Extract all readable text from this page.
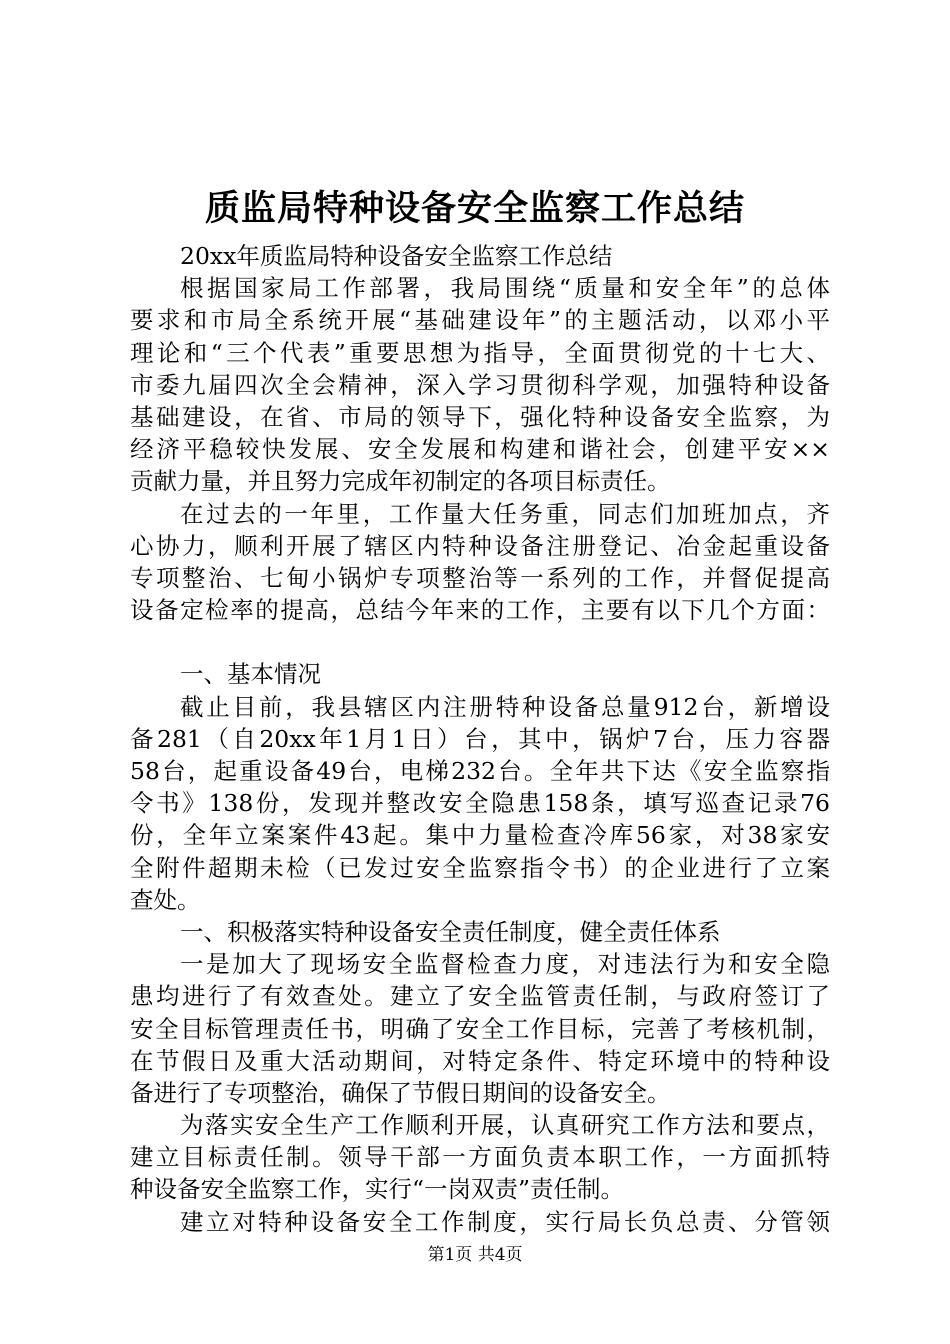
质监局特种设备安全监察工作总结
20xx年质监局特种设备安全监察工作总结
根据国家局工作部署，我局围绕“质量和安全年”的总体
要求和市局全系统开展“基础建设年”的主题活动，以邓小平
理论和“三个代表”重要思想为指导，全面贯彻党的十七大、
市委九届四次全会精神，深入学习贯彻科学观，加强特种设备
基础建设，在省、市局的领导下，强化特种设备安全监察，为
经济平稳较快发展、安全发展和构建和谐社会，创建平安××
贡献力量，并且努力完成年初制定的各项目标责任。
在过去的一年里，工作量大任务重，同志们加班加点，齐
心协力，顺利开展了辖区内特种设备注册登记、冶金起重设备
专项整治、七甸小锅炉专项整治等一系列的工作，并督促提高
设备定检率的提高，总结今年来的工作，主要有以下几个方面：
一、基本情况
截止目前，我县辖区内注册特种设备总量912台，新增设
备281（自20xx年1月1日）台，其中，锅炉7台，压力容器
58台，起重设备49台，电梯232台。全年共下达《安全监察指
令书》138份，发现并整改安全隐患158条，填写巡查记录76
份，全年立案案件43起。集中力量检查冷库56家，对38家安
全附件超期未检（已发过安全监察指令书）的企业进行了立案
查处。
一、积极落实特种设备安全责任制度，健全责任体系
一是加大了现场安全监督检查力度，对违法行为和安全隐
患均进行了有效查处。建立了安全监管责任制，与政府签订了
安全目标管理责任书，明确了安全工作目标，完善了考核机制，
在节假日及重大活动期间，对特定条件、特定环境中的特种设
备进行了专项整治，确保了节假日期间的设备安全。
为落实安全生产工作顺利开展，认真研究工作方法和要点，
建立目标责任制。领导干部一方面负责本职工作，一方面抓特
种设备安全监察工作，实行“一岗双责”责任制。
建立对特种设备安全工作制度，实行局长负总责、分管领
第1页 共4页
